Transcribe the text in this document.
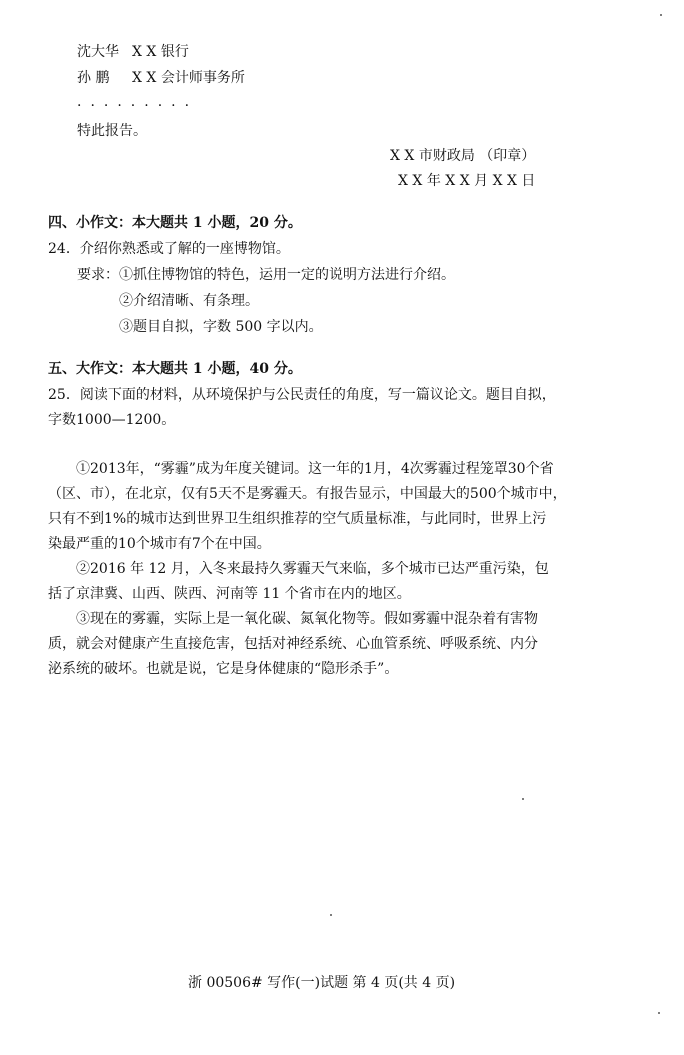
沈大华 X X 银行
孙 鹏 X X 会计师事务所
·········
特此报告。
X X 市财政局 （印章）
X X 年 X X 月 X X 日
四、小作文：本大题共 1 小题，20 分。
24．介绍你熟悉或了解的一座博物馆。
要求：①抓住博物馆的特色，运用一定的说明方法进行介绍。
②介绍清晰、有条理。
③题目自拟，字数 500 字以内。
五、大作文：本大题共 1 小题，40 分。
25．阅读下面的材料，从环境保护与公民责任的角度，写一篇议论文。题目自拟，
字数1000—1200。
①2013年，“雾霾”成为年度关键词。这一年的1月，4次雾霾过程笼罩30个省
（区、市），在北京，仅有5天不是雾霾天。有报告显示，中国最大的500个城市中，
只有不到1%的城市达到世界卫生组织推荐的空气质量标准，与此同时，世界上污
染最严重的10个城市有7个在中国。
②2016 年 12 月，入冬来最持久雾霾天气来临，多个城市已达严重污染，包
括了京津冀、山西、陕西、河南等 11 个省市在内的地区。
③现在的雾霾，实际上是一氧化碳、氮氧化物等。假如雾霾中混杂着有害物
质，就会对健康产生直接危害，包括对神经系统、心血管系统、呼吸系统、内分
泌系统的破坏。也就是说，它是身体健康的“隐形杀手”。
浙 00506# 写作(一)试题 第 4 页(共 4 页)
